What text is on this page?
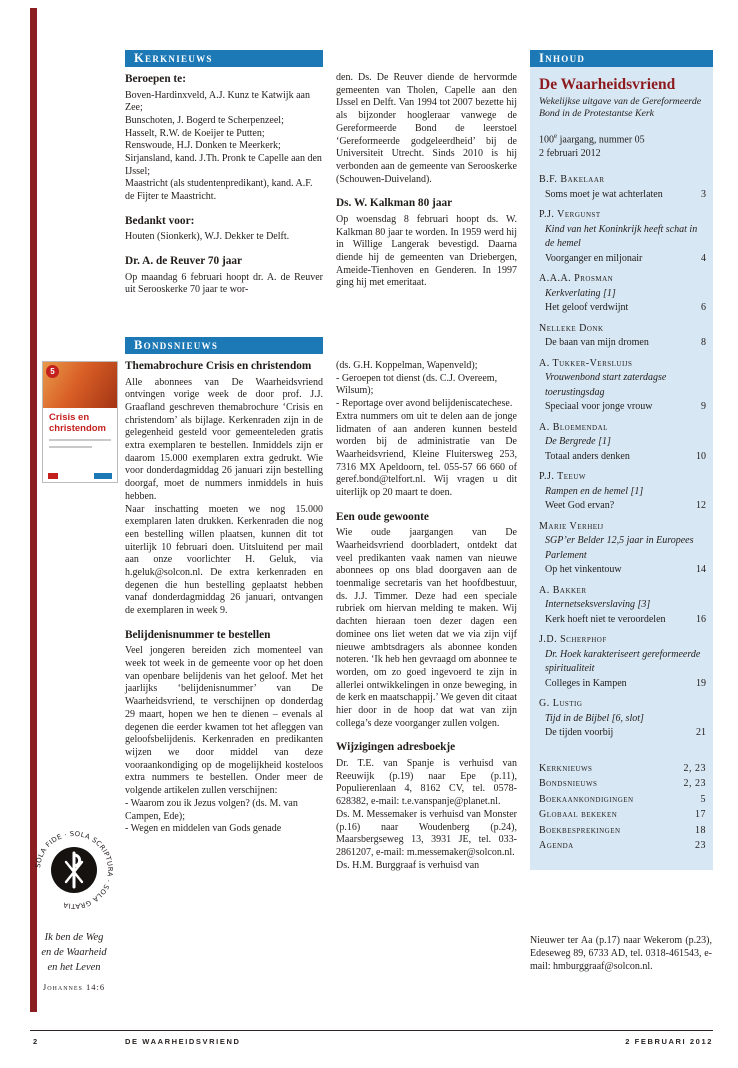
5
Crisis en christendom
SOLA FIDE · SOLA SCRIPTURA · SOLA GRATIA
Ik ben de Weg
en de Waarheid
en het Leven
Johannes 14:6
Kerknieuws
Beroepen te:

Boven-Hardinxveld, A.J. Kunz te Katwijk aan Zee;

Bunschoten, J. Bogerd te Scherpenzeel;

Hasselt, R.W. de Koeijer te Putten;

Renswoude, H.J. Donken te Meerkerk;

Sirjansland, kand. J.Th. Pronk te Capelle aan den IJssel;

Maastricht (als studentenpredikant), kand. A.F. de Fijter te Maastricht.

Bedankt voor:

Houten (Sionkerk), W.J. Dekker te Delft.

Dr. A. de Reuver 70 jaar

Op maandag 6 februari hoopt dr. A. de Reuver uit Serooskerke 70 jaar te wor-

den. Ds. De Reuver diende de hervormde gemeenten van Tholen, Capelle aan den IJssel en Delft. Van 1994 tot 2007 bezette hij als bijzonder hoogleraar vanwege de Gereformeerde Bond de leerstoel ‘Gereformeerde godgeleerdheid’ bij de Universiteit Utrecht. Sinds 2010 is hij verbonden aan de gemeente van Serooskerke (Schouwen-Duiveland).

Ds. W. Kalkman 80 jaar

Op woensdag 8 februari hoopt ds. W. Kalkman 80 jaar te worden. In 1959 werd hij in Willige Langerak bevestigd. Daarna diende hij de gemeenten van Driebergen, Ameide-Tienhoven en Genderen. In 1997 ging hij met emeritaat.

Bondsnieuws
Themabrochure Crisis en christendom

Alle abonnees van De Waarheidsvriend ontvingen vorige week de door prof. J.J. Graafland geschreven themabrochure ‘Crisis en christendom’ als bijlage. Kerkenraden zijn in de gelegenheid gesteld voor gemeenteleden gratis extra exemplaren te bestellen. Inmiddels zijn er daarom 15.000 exemplaren extra gedrukt. Wie voor donderdagmiddag 26 januari zijn bestelling doorgaf, moet de nummers inmiddels in huis hebben.

Naar inschatting moeten we nog 15.000 exemplaren laten drukken. Kerkenraden die nog een bestelling willen plaatsen, kunnen dit tot uiterlijk 10 februari doen. Uitsluitend per mail aan onze voorlichter H. Geluk, via h.geluk@solcon.nl. De extra kerkenraden en degenen die hun bestelling geplaatst hebben vanaf donderdagmiddag 26 januari, ontvangen de exemplaren in week 9.

Belijdenisnummer te bestellen

Veel jongeren bereiden zich momenteel van week tot week in de gemeente voor op het doen van openbare belijdenis van het geloof. Met het jaarlijks ‘belijdenisnummer’ van De Waarheidsvriend, te verschijnen op donderdag 29 maart, hopen we hen te dienen – evenals al degenen die eerder kwamen tot het afleggen van geloofsbelijdenis. Kerkenraden en predikanten wijzen we door middel van deze vooraankondiging op de mogelijkheid kosteloos extra nummers te bestellen. Onder meer de volgende artikelen zullen verschijnen:

- Waarom zou ik Jezus volgen? (ds. M. van Campen, Ede);

- Wegen en middelen van Gods genade

(ds. G.H. Koppelman, Wapenveld);

- Geroepen tot dienst (ds. C.J. Overeem, Wilsum);

- Reportage over avond belijdeniscatechese.

Extra nummers om uit te delen aan de jonge lidmaten of aan anderen kunnen besteld worden bij de administratie van De Waarheidsvriend, Kleine Fluitersweg 253, 7316 MX Apeldoorn, tel. 055-57 66 660 of geref.bond@telfort.nl. Wij vragen u dit uiterlijk op 20 maart te doen.

Een oude gewoonte

Wie oude jaargangen van De Waarheidsvriend doorbladert, ontdekt dat veel predikanten vaak namen van nieuwe abonnees op ons blad doorgaven aan de toenmalige secretaris van het hoofdbestuur, ds. J.J. Timmer. Deze had een speciale rubriek om hiervan melding te maken. Wij dachten hieraan toen dezer dagen een dominee ons liet weten dat we via zijn vijf nieuwe ambtsdragers als abonnee konden noteren. ‘Ik heb hen gevraagd om abonnee te worden, om zo goed ingevoerd te zijn in allerlei ontwikkelingen in onze beweging, in de kerk en maatschappij.’ We geven dit citaat hier door in de hoop dat wat van zijn collega’s deze voorganger zullen volgen.

Wijzigingen adresboekje

Dr. T.E. van Spanje is verhuisd van Reeuwijk (p.19) naar Epe (p.11), Populierenlaan 4, 8162 CV, tel. 0578-628382, e-mail: t.e.vanspanje@planet.nl.

Ds. M. Messemaker is verhuisd van Monster (p.16) naar Woudenberg (p.24), Maarsbergseweg 13, 3931 JE, tel. 033-2861207, e-mail: m.messemaker@solcon.nl.

Ds. H.M. Burggraaf is verhuisd van

Inhoud
De Waarheidsvriend
Wekelijkse uitgave van de Gereformeerde Bond in de Protestantse Kerk
100e jaargang, nummer 05
2 februari 2012
B.F. Bakelaar
Soms moet je wat achterlaten	3
P.J. Vergunst
Kind van het Koninkrijk heeft schat in de hemel
Voorganger en miljonair	4
A.A.A. Prosman
Kerkverlating [1]
Het geloof verdwijnt	6
Nelleke Donk
De baan van mijn dromen	8
A. Tukker-Versluijs
Vrouwenbond start zaterdagse toerustingsdag
Speciaal voor jonge vrouw	9
A. Bloemendal
De Bergrede [1]
Totaal anders denken	10
P.J. Teeuw
Rampen en de hemel [1]
Weet God ervan?	12
Marie Verheij
SGP’er Belder 12,5 jaar in Europees Parlement
Op het vinkentouw	14
A. Bakker
Internetseksverslaving [3]
Kerk hoeft niet te veroordelen	16
J.D. Scherphof
Dr. Hoek karakteriseert gereformeerde spiritualiteit
Colleges in Kampen	19
G. Lustig
Tijd in de Bijbel [6, slot]
De tijden voorbij	21
Kerknieuws	2, 23
Bondsnieuws	2, 23
Boekaankondigingen	5
Globaal bekeken	17
Boekbesprekingen	18
Agenda	23
Nieuwer ter Aa (p.17) naar Wekerom (p.23), Edeseweg 89, 6733 AD, tel. 0318-461543, e-mail: hmburggraaf@solcon.nl.
2	DE WAARHEIDSVRIEND	2 FEBRUARI 2012
